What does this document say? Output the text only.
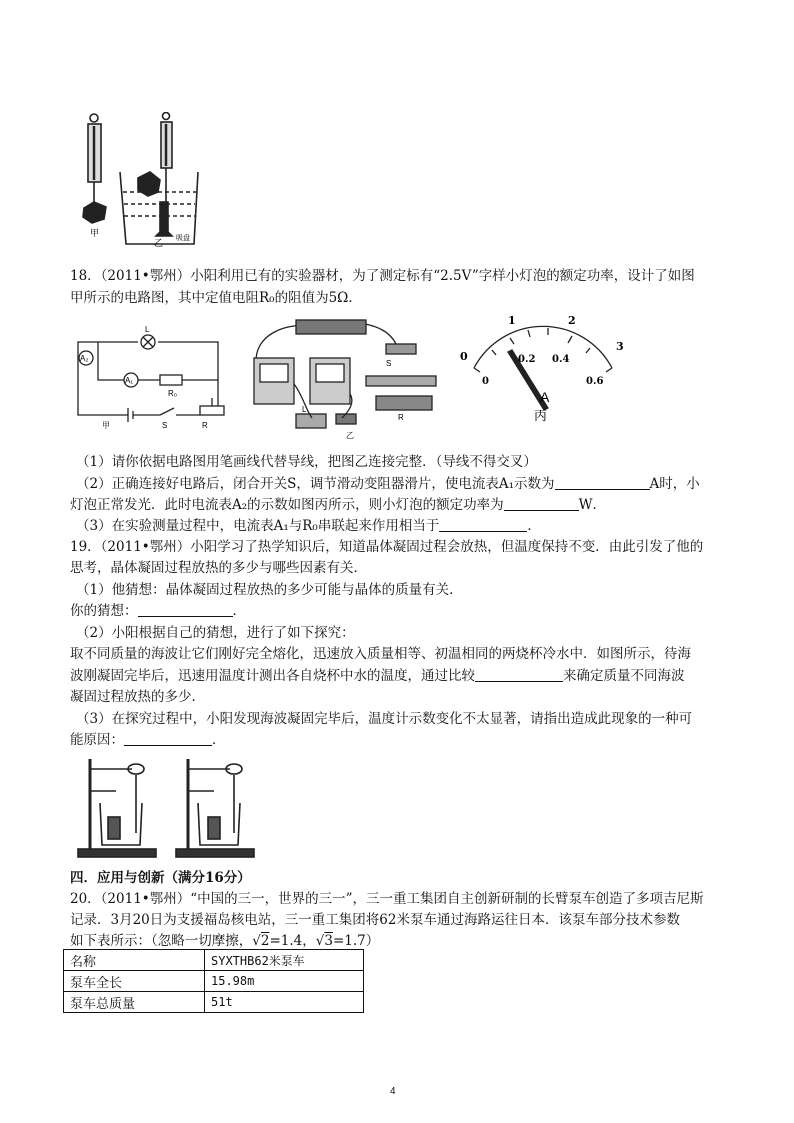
甲
乙 吸盘
18．（2011•鄂州）小阳利用已有的实验器材，为了测定标有“2.5V”字样小灯泡的额定功率，设计了如图
甲所示的电路图，其中定值电阻R₀的阻值为5Ω．
L
A₂
A₁
R₀
S	R
甲
L
S
R
乙
0
1	2
3
0
0.2 0.4
0.6
A
丙
（1）请你依据电路图用笔画线代替导线，把图乙连接完整．（导线不得交叉）
（2）正确连接好电路后，闭合开关S，调节滑动变阻器滑片，使电流表A₁示数为	A时，小
灯泡正常发光．此时电流表A₂的示数如图丙所示，则小灯泡的额定功率为	W．
（3）在实验测量过程中，电流表A₁与R₀串联起来作用相当于	．
19．（2011•鄂州）小阳学习了热学知识后，知道晶体凝固过程会放热，但温度保持不变．由此引发了他的
思考，晶体凝固过程放热的多少与哪些因素有关．
（1）他猜想：晶体凝固过程放热的多少可能与晶体的质量有关．
你的猜想：	．
（2）小阳根据自己的猜想，进行了如下探究：
取不同质量的海波让它们刚好完全熔化，迅速放入质量相等、初温相同的两烧杯冷水中．如图所示，待海
波刚凝固完毕后，迅速用温度计测出各自烧杯中水的温度，通过比较	来确定质量不同海波
凝固过程放热的多少．
（3）在探究过程中，小阳发现海波凝固完毕后，温度计示数变化不太显著，请指出造成此现象的一种可
能原因：	．
四．应用与创新（满分16分）
20．（2011•鄂州）“中国的三一，世界的三一”，三一重工集团自主创新研制的长臂泵车创造了多项吉尼斯
记录．3月20日为支援福岛核电站，三一重工集团将62米泵车通过海路运往日本．该泵车部分技术参数
如下表所示：（忽略一切摩擦，√2=1.4，√3=1.7）
名称	SYXTHB62米泵车
泵车全长	15.98m
泵车总质量	51t
4
